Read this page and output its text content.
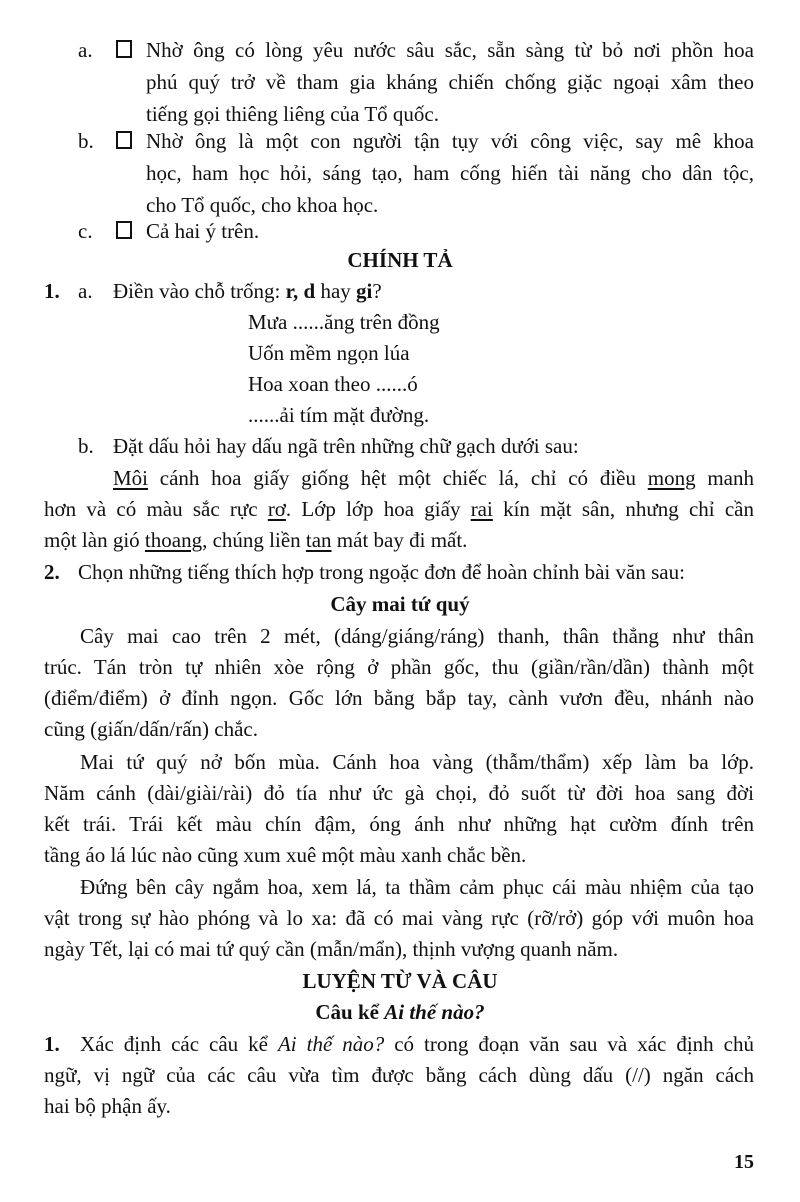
a.	Nhờ ông có lòng yêu nước sâu sắc, sẵn sàng từ bỏ nơi phồn hoa
phú quý trở về tham gia kháng chiến chống giặc ngoại xâm theo
tiếng gọi thiêng liêng của Tổ quốc.
b.	Nhờ ông là một con người tận tụy với công việc, say mê khoa
học, ham học hỏi, sáng tạo, ham cống hiến tài năng cho dân tộc,
cho Tổ quốc, cho khoa học.
c.	Cả hai ý trên.
CHÍNH TẢ
1. a. Điền vào chỗ trống: r, d hay gi?
Mưa ......ăng trên đồng
Uốn mềm ngọn lúa
Hoa xoan theo ......ó
......ải tím mặt đường.
b. Đặt dấu hỏi hay dấu ngã trên những chữ gạch dưới sau:
Môi cánh hoa giấy giống hệt một chiếc lá, chỉ có điều mong manh
hơn và có màu sắc rực rơ. Lớp lớp hoa giấy rai kín mặt sân, nhưng chỉ cần
một làn gió thoang, chúng liền tan mát bay đi mất.
2. Chọn những tiếng thích hợp trong ngoặc đơn để hoàn chỉnh bài văn sau:
Cây mai tứ quý
Cây mai cao trên 2 mét, (dáng/giáng/ráng) thanh, thân thẳng như thân
trúc. Tán tròn tự nhiên xòe rộng ở phần gốc, thu (giần/rần/dần) thành một
(điểm/điểm) ở đỉnh ngọn. Gốc lớn bằng bắp tay, cành vươn đều, nhánh nào
cũng (giấn/dấn/rấn) chắc.
Mai tứ quý nở bốn mùa. Cánh hoa vàng (thẫm/thẩm) xếp làm ba lớp.
Năm cánh (dài/giài/rài) đỏ tía như ức gà chọi, đỏ suốt từ đời hoa sang đời
kết trái. Trái kết màu chín đậm, óng ánh như những hạt cườm đính trên
tầng áo lá lúc nào cũng xum xuê một màu xanh chắc bền.
Đứng bên cây ngắm hoa, xem lá, ta thầm cảm phục cái màu nhiệm của tạo
vật trong sự hào phóng và lo xa: đã có mai vàng rực (rỡ/rở) góp với muôn hoa
ngày Tết, lại có mai tứ quý cần (mẫn/mẩn), thịnh vượng quanh năm.
LUYỆN TỪ VÀ CÂU
Câu kể Ai thế nào?
1. Xác định các câu kể Ai thế nào? có trong đoạn văn sau và xác định chủ
ngữ, vị ngữ của các câu vừa tìm được bằng cách dùng dấu (//) ngăn cách
hai bộ phận ấy.
15
